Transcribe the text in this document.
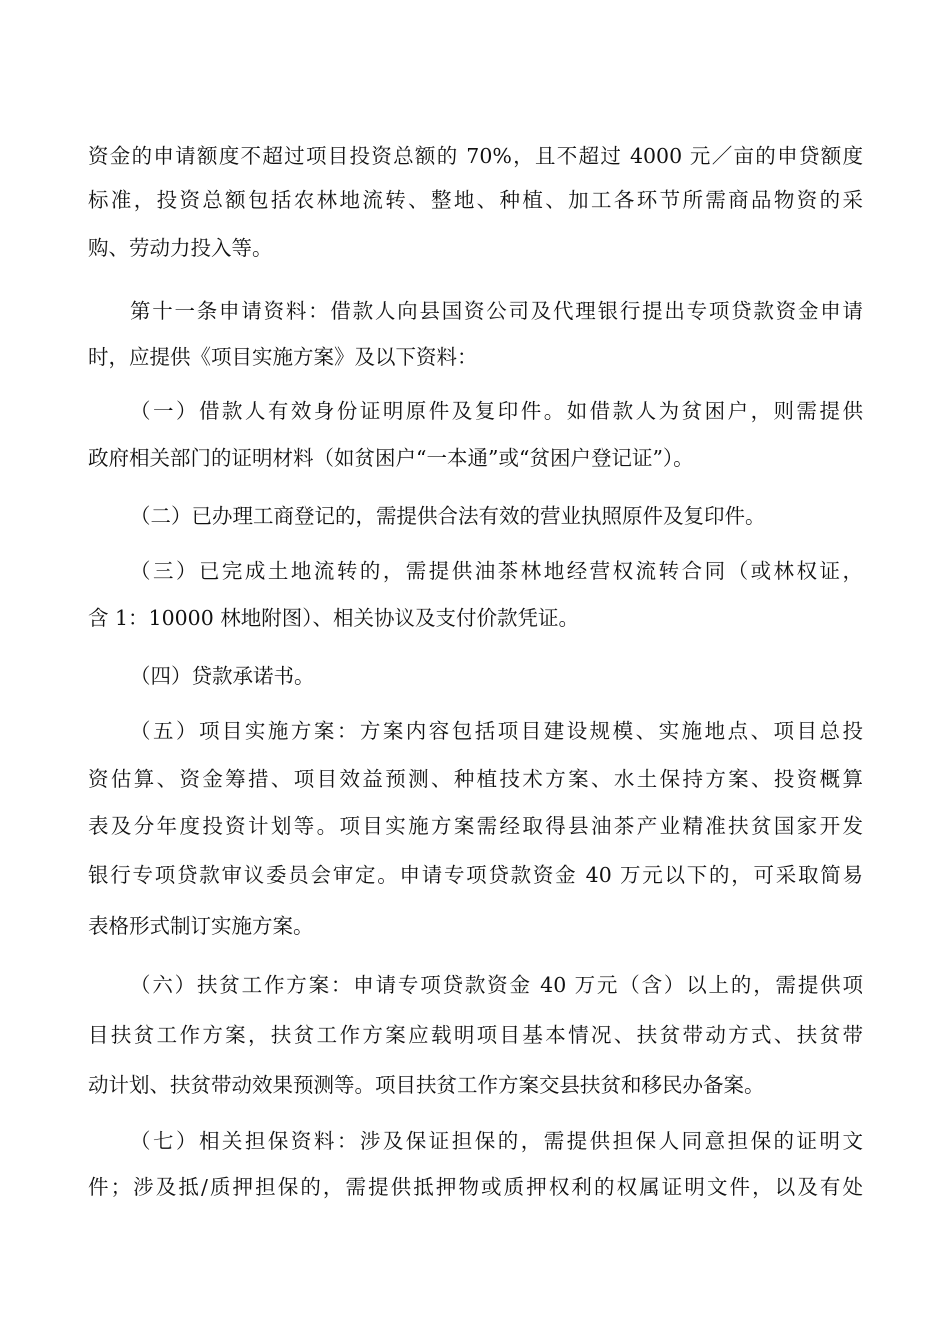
资金的申请额度不超过项目投资总额的 70%，且不超过 4000 元／亩的申贷额度
标准，投资总额包括农林地流转、整地、种植、加工各环节所需商品物资的采
购、劳动力投入等。
第十一条申请资料：借款人向县国资公司及代理银行提出专项贷款资金申请
时，应提供《项目实施方案》及以下资料：
（一）借款人有效身份证明原件及复印件。如借款人为贫困户，则需提供
政府相关部门的证明材料（如贫困户“一本通”或“贫困户登记证”）。
（二）已办理工商登记的，需提供合法有效的营业执照原件及复印件。
（三）已完成土地流转的，需提供油茶林地经营权流转合同（或林权证，
含 1：10000 林地附图）、相关协议及支付价款凭证。
（四）贷款承诺书。
（五）项目实施方案：方案内容包括项目建设规模、实施地点、项目总投
资估算、资金筹措、项目效益预测、种植技术方案、水土保持方案、投资概算
表及分年度投资计划等。项目实施方案需经取得县油茶产业精准扶贫国家开发
银行专项贷款审议委员会审定。申请专项贷款资金 40 万元以下的，可采取简易
表格形式制订实施方案。
（六）扶贫工作方案：申请专项贷款资金 40 万元（含）以上的，需提供项
目扶贫工作方案，扶贫工作方案应载明项目基本情况、扶贫带动方式、扶贫带
动计划、扶贫带动效果预测等。项目扶贫工作方案交县扶贫和移民办备案。
（七）相关担保资料：涉及保证担保的，需提供担保人同意担保的证明文
件；涉及抵/质押担保的，需提供抵押物或质押权利的权属证明文件，以及有处
